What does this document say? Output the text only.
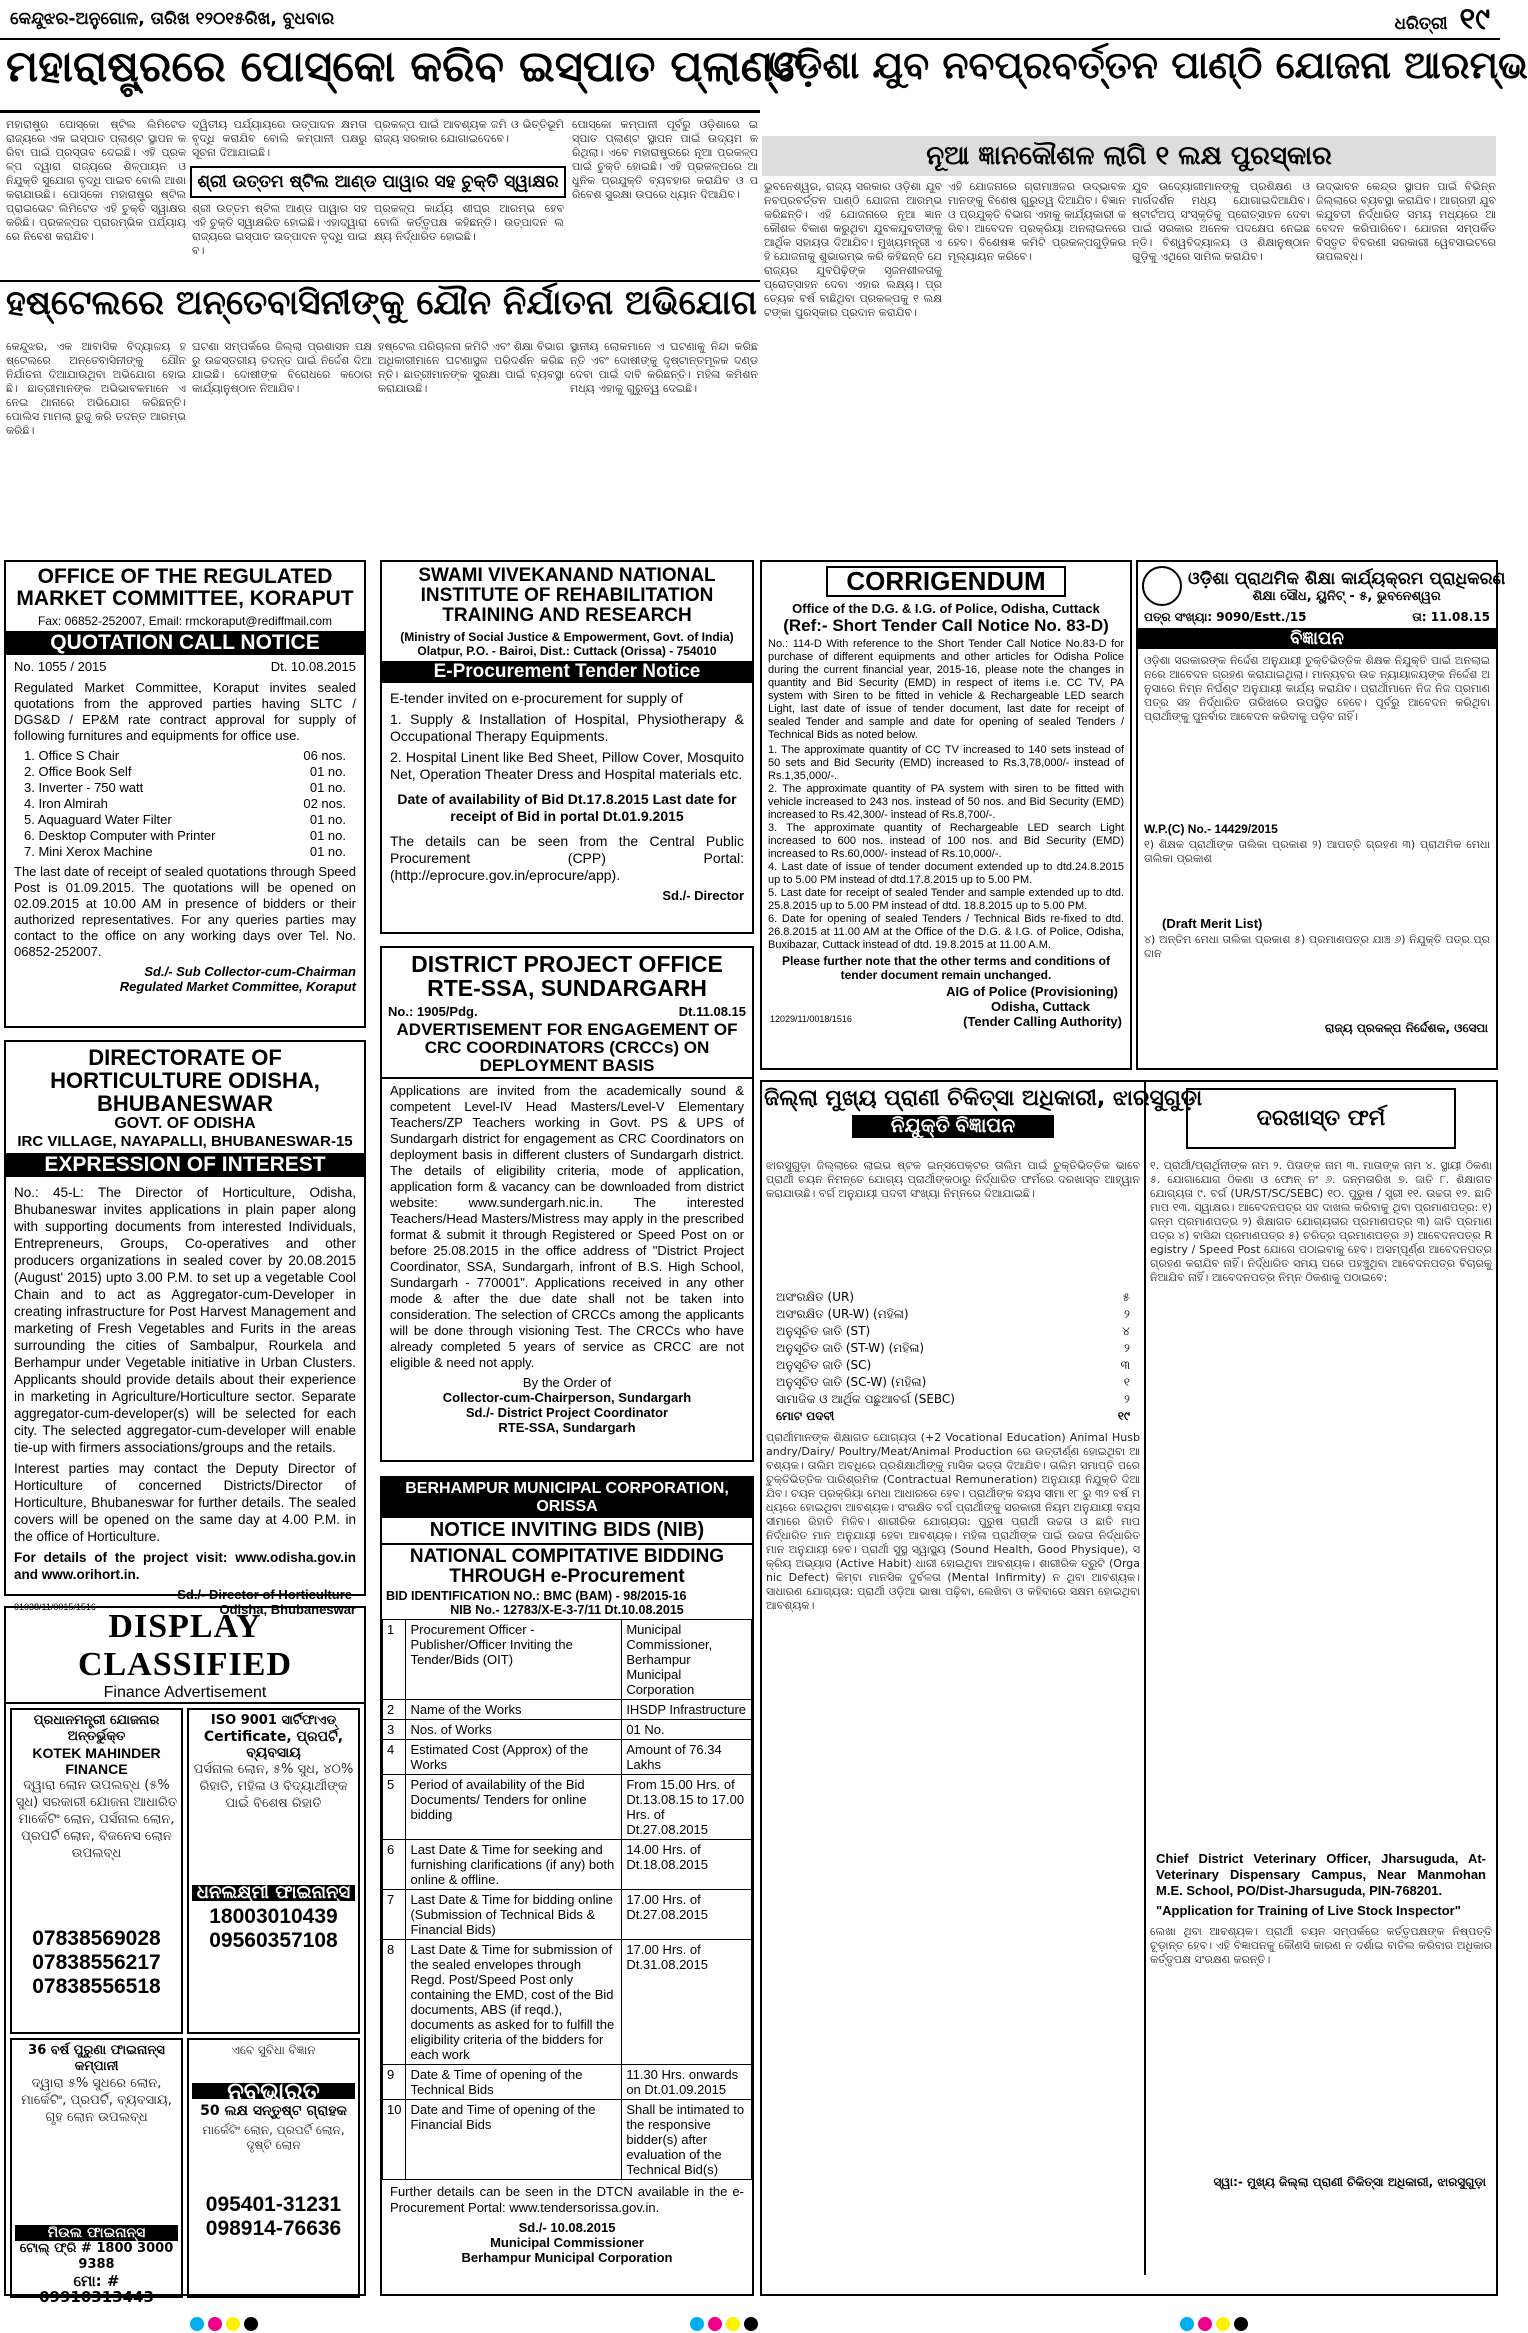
କେନ୍ଦୁଝର-ଅନୁଗୋଳ, ତାରିଖ ୧୨୦୧୫ରିଖ, ବୁଧବାର	ଧରିତ୍ରୀ ୧୯
ମହାରାଷ୍ଟ୍ରରେ ପୋସ୍କୋ କରିବ ଇସ୍ପାତ ପ୍ଲାଣ୍ଟ
ଓଡ଼ିଶା ଯୁବ ନବପ୍ରବର୍ତ୍ତନ ପାଣ୍ଠି ଯୋଜନା ଆରମ୍ଭ
ନୂଆ ଜ୍ଞାନକୌଶଳ ଲାଗି ୧ ଲକ୍ଷ ପୁରସ୍କାର
ମହାରାଷ୍ଟ୍ର ପୋସ୍କୋ ଷ୍ଟିଲ ଲିମିଟେଡ ରାଜ୍ୟରେ ଏକ ଇସ୍ପାତ ପ୍ଲାଣ୍ଟ ସ୍ଥାପନ କରିବା ପାଇଁ ପ୍ରସ୍ତାବ ଦେଇଛି। ଏହି ପ୍ରକଳ୍ପ ଦ୍ୱାରା ରାଜ୍ୟରେ ଶିଳ୍ପାୟନ ଓ ନିଯୁକ୍ତି ସୁଯୋଗ ବୃଦ୍ଧି ପାଇବ ବୋଲି ଆଶା କରାଯାଉଛି। ପୋସ୍କୋ ମହାରାଷ୍ଟ୍ର ଷ୍ଟିଲ ପ୍ରାଇଭେଟ ଲିମିଟେଡ ଏହି ଚୁକ୍ତି ସ୍ୱାକ୍ଷର କରିଛି। ପ୍ରକଳ୍ପର ପ୍ରାରମ୍ଭିକ ପର୍ଯ୍ୟାୟରେ ନିବେଶ କରାଯିବ।
ଦ୍ୱିତୀୟ ପର୍ଯ୍ୟାୟରେ ଉତ୍ପାଦନ କ୍ଷମତା ବୃଦ୍ଧି କରାଯିବ ବୋଲି କମ୍ପାନୀ ପକ୍ଷରୁ ସୂଚନା ଦିଆଯାଇଛି।
ଶ୍ରୀ ଉତ୍ତମ ଷ୍ଟିଲ ଆଣ୍ଡ ପାୱାର ସହ ଚୁକ୍ତି ସ୍ୱାକ୍ଷର
ଶ୍ରୀ ଉତ୍ତମ ଷ୍ଟିଲ ଆଣ୍ଡ ପାୱାର ସହ ଏହି ଚୁକ୍ତି ସ୍ୱାକ୍ଷରିତ ହୋଇଛି। ଏହାଦ୍ୱାରା ରାଜ୍ୟରେ ଇସ୍ପାତ ଉତ୍ପାଦନ ବୃଦ୍ଧି ପାଇବ।
ପ୍ରକଳ୍ପ ପାଇଁ ଆବଶ୍ୟକ ଜମି ଓ ଭିତ୍ତିଭୂମି ରାଜ୍ୟ ସରକାର ଯୋଗାଇଦେବେ।
ପ୍ରକଳ୍ପ କାର୍ଯ୍ୟ ଶୀଘ୍ର ଆରମ୍ଭ ହେବ ବୋଲି କର୍ତ୍ତୃପକ୍ଷ କହିଛନ୍ତି। ଉତ୍ପାଦନ ଲକ୍ଷ୍ୟ ନିର୍ଦ୍ଧାରିତ ହୋଇଛି।
ପୋସ୍କୋ କମ୍ପାନୀ ପୂର୍ବରୁ ଓଡ଼ିଶାରେ ଇସ୍ପାତ ପ୍ଲାଣ୍ଟ ସ୍ଥାପନ ପାଇଁ ଉଦ୍ୟମ କରିଥିଲା। ଏବେ ମହାରାଷ୍ଟ୍ରରେ ନୂଆ ପ୍ରକଳ୍ପ ପାଇଁ ଚୁକ୍ତି ହୋଇଛି। ଏହି ପ୍ରକଳ୍ପରେ ଆଧୁନିକ ପ୍ରଯୁକ୍ତି ବ୍ୟବହାର କରାଯିବ ଓ ପରିବେଶ ସୁରକ୍ଷା ଉପରେ ଧ୍ୟାନ ଦିଆଯିବ।
ହଷ୍ଟେଲରେ ଅନ୍ତେବାସିନୀଙ୍କୁ ଯୌନ ନିର୍ଯାତନା ଅଭିଯୋଗ
କେନ୍ଦୁଝର, ଏକ ଆବାସିକ ବିଦ୍ୟାଳୟ ହଷ୍ଟେଲରେ ଅନ୍ତେବାସିନୀଙ୍କୁ ଯୌନ ନିର୍ଯାତନା ଦିଆଯାଉଥିବା ଅଭିଯୋଗ ହୋଇଛି। ଛାତ୍ରୀମାନଙ୍କ ଅଭିଭାବକମାନେ ଏ ନେଇ ଥାନାରେ ଅଭିଯୋଗ କରିଛନ୍ତି। ପୋଲିସ ମାମଲା ରୁଜୁ କରି ତଦନ୍ତ ଆରମ୍ଭ କରିଛି।
ଘଟଣା ସମ୍ପର୍କରେ ଜିଲ୍ଲା ପ୍ରଶାସନ ପକ୍ଷରୁ ଉଚ୍ଚସ୍ତରୀୟ ତଦନ୍ତ ପାଇଁ ନିର୍ଦ୍ଦେଶ ଦିଆଯାଇଛି। ଦୋଷୀଙ୍କ ବିରୋଧରେ କଠୋର କାର୍ଯ୍ୟାନୁଷ୍ଠାନ ନିଆଯିବ।
ହଷ୍ଟେଲ ପରିଚାଳନା କମିଟି ଏବଂ ଶିକ୍ଷା ବିଭାଗ ଅଧିକାରୀମାନେ ଘଟଣାସ୍ଥଳ ପରିଦର୍ଶନ କରିଛନ୍ତି। ଛାତ୍ରୀମାନଙ୍କ ସୁରକ୍ଷା ପାଇଁ ବ୍ୟବସ୍ଥା କରାଯାଉଛି।
ସ୍ଥାନୀୟ ଲୋକମାନେ ଏ ଘଟଣାକୁ ନିନ୍ଦା କରିଛନ୍ତି ଏବଂ ଦୋଷୀଙ୍କୁ ଦୃଷ୍ଟାନ୍ତମୂଳକ ଦଣ୍ଡ ଦେବା ପାଇଁ ଦାବି କରିଛନ୍ତି। ମହିଳା କମିଶନ ମଧ୍ୟ ଏହାକୁ ଗୁରୁତ୍ୱ ଦେଇଛି।
ଭୁବନେଶ୍ୱର, ରାଜ୍ୟ ସରକାର ଓଡ଼ିଶା ଯୁବ ନବପ୍ରବର୍ତ୍ତନ ପାଣ୍ଠି ଯୋଜନା ଆରମ୍ଭ କରିଛନ୍ତି। ଏହି ଯୋଜନାରେ ନୂଆ ଜ୍ଞାନକୌଶଳ ବିକାଶ କରୁଥିବା ଯୁବକଯୁବତୀଙ୍କୁ ଆର୍ଥିକ ସହାୟତା ଦିଆଯିବ। ମୁଖ୍ୟମନ୍ତ୍ରୀ ଏହି ଯୋଜନାକୁ ଶୁଭାରମ୍ଭ କରି କହିଛନ୍ତି ଯେ ରାଜ୍ୟର ଯୁବପିଢ଼ିଙ୍କ ସୃଜନଶୀଳତାକୁ ପ୍ରୋତ୍ସାହନ ଦେବା ଏହାର ଲକ୍ଷ୍ୟ। ପ୍ରତ୍ୟେକ ବର୍ଷ ବାଛିଥିବା ପ୍ରକଳ୍ପକୁ ୧ ଲକ୍ଷ ଟଙ୍କା ପୁରସ୍କାର ପ୍ରଦାନ କରାଯିବ।
ଏହି ଯୋଜନାରେ ଗ୍ରାମାଞ୍ଚଳର ଉଦ୍ଭାବକମାନଙ୍କୁ ବିଶେଷ ଗୁରୁତ୍ୱ ଦିଆଯିବ। ବିଜ୍ଞାନ ଓ ପ୍ରଯୁକ୍ତି ବିଭାଗ ଏହାକୁ କାର୍ଯ୍ୟକାରୀ କରିବ। ଆବେଦନ ପ୍ରକ୍ରିୟା ଅନଲାଇନରେ ହେବ। ବିଶେଷଜ୍ଞ କମିଟି ପ୍ରକଳ୍ପଗୁଡ଼ିକର ମୂଲ୍ୟାୟନ କରିବେ।
ଯୁବ ଉଦ୍ୟୋଗୀମାନଙ୍କୁ ପ୍ରଶିକ୍ଷଣ ଓ ମାର୍ଗଦର୍ଶନ ମଧ୍ୟ ଯୋଗାଇଦିଆଯିବ। ଷ୍ଟାର୍ଟଅପ୍ ସଂସ୍କୃତିକୁ ପ୍ରୋତ୍ସାହନ ଦେବା ପାଇଁ ସରକାର ଅନେକ ପଦକ୍ଷେପ ନେଇଛନ୍ତି। ବିଶ୍ୱବିଦ୍ୟାଳୟ ଓ ଶିକ୍ଷାନୁଷ୍ଠାନଗୁଡ଼ିକୁ ଏଥିରେ ସାମିଲ କରାଯିବ।
ଉଦ୍ଭାବନ କେନ୍ଦ୍ର ସ୍ଥାପନ ପାଇଁ ବିଭିନ୍ନ ଜିଲ୍ଲାରେ ବ୍ୟବସ୍ଥା କରାଯିବ। ଆଗ୍ରହୀ ଯୁବକଯୁବତୀ ନିର୍ଦ୍ଧାରିତ ସମୟ ମଧ୍ୟରେ ଆବେଦନ କରିପାରିବେ। ଯୋଜନା ସମ୍ପର୍କିତ ବିସ୍ତୃତ ବିବରଣୀ ସରକାରୀ ୱେବସାଇଟରେ ଉପଲବ୍ଧ।
OFFICE OF THE REGULATED MARKET COMMITTEE, KORAPUT
Fax: 06852-252007, Email: rmckoraput@rediffmail.com
QUOTATION CALL NOTICE
No. 1055 / 2015	Dt. 10.08.2015
Regulated Market Committee, Koraput invites sealed quotations from the approved parties having SLTC / DGS&D / EP&M rate contract approval for supply of following furnitures and equipments for office use.
1. Office S Chair	06 nos.
2. Office Book Self	01 no.
3. Inverter - 750 watt	01 no.
4. Iron Almirah	02 nos.
5. Aquaguard Water Filter	01 no.
6. Desktop Computer with Printer	01 no.
7. Mini Xerox Machine	01 no.
The last date of receipt of sealed quotations through Speed Post is 01.09.2015. The quotations will be opened on 02.09.2015 at 10.00 AM in presence of bidders or their authorized representatives. For any queries parties may contact to the office on any working days over Tel. No. 06852-252007.
Sd./- Sub Collector-cum-Chairman
Regulated Market Committee, Koraput
SWAMI VIVEKANAND NATIONAL INSTITUTE OF REHABILITATION TRAINING AND RESEARCH
(Ministry of Social Justice & Empowerment, Govt. of India)
Olatpur, P.O. - Bairoi, Dist.: Cuttack (Orissa) - 754010
E-Procurement Tender Notice
E-tender invited on e-procurement for supply of
1. Supply & Installation of Hospital, Physiotherapy & Occupational Therapy Equipments.
2. Hospital Linent like Bed Sheet, Pillow Cover, Mosquito Net, Operation Theater Dress and Hospital materials etc.
Date of availability of Bid Dt.17.8.2015 Last date for receipt of Bid in portal Dt.01.9.2015
The details can be seen from the Central Public Procurement (CPP) Portal: (http://eprocure.gov.in/eprocure/app).
Sd./- Director
CORRIGENDUM
Office of the D.G. & I.G. of Police, Odisha, Cuttack
(Ref:- Short Tender Call Notice No. 83-D)
No.: 114-D With reference to the Short Tender Call Notice No.83-D for purchase of different equipments and other articles for Odisha Police during the current financial year, 2015-16, please note the changes in quantity and Bid Security (EMD) in respect of items i.e. CC TV, PA system with Siren to be fitted in vehicle & Rechargeable LED search Light, last date of issue of tender document, last date for receipt of sealed Tender and sample and date for opening of sealed Tenders / Technical Bids as noted below.
1. The approximate quantity of CC TV increased to 140 sets instead of 50 sets and Bid Security (EMD) increased to Rs.3,78,000/- instead of Rs.1,35,000/-.
2. The approximate quantity of PA system with siren to be fitted with vehicle increased to 243 nos. instead of 50 nos. and Bid Security (EMD) increased to Rs.42,300/- instead of Rs.8,700/-.
3. The approximate quantity of Rechargeable LED search Light increased to 600 nos. instead of 100 nos. and Bid Security (EMD) increased to Rs.60,000/- instead of Rs.10,000/-.
4. Last date of issue of tender document extended up to dtd.24.8.2015 up to 5.00 PM instead of dtd.17.8.2015 up to 5.00 PM.
5. Last date for receipt of sealed Tender and sample extended up to dtd. 25.8.2015 up to 5.00 PM instead of dtd. 18.8.2015 up to 5.00 PM.
6. Date for opening of sealed Tenders / Technical Bids re-fixed to dtd. 26.8.2015 at 11.00 AM at the Office of the D.G. & I.G. of Police, Odisha, Buxibazar, Cuttack instead of dtd. 19.8.2015 at 11.00 A.M.
Please further note that the other terms and conditions of tender document remain unchanged.
AIG of Police (Provisioning)
Odisha, Cuttack
12029/11/0018/1516	(Tender Calling Authority)
ଓଡ଼ିଶା ପ୍ରାଥମିକ ଶିକ୍ଷା କାର୍ଯ୍ୟକ୍ରମ ପ୍ରାଧିକରଣ
ଶିକ୍ଷା ସୌଧ, ୟୁନିଟ୍ - ୫, ଭୁବନେଶ୍ୱର
ପତ୍ର ସଂଖ୍ୟା: 9090/Estt./15	ତା: 11.08.15
ବିଜ୍ଞାପନ
ଓଡ଼ିଶା ସରକାରଙ୍କ ନିର୍ଦ୍ଦେଶ ଅନୁଯାୟୀ ଚୁକ୍ତିଭିତ୍ତିକ ଶିକ୍ଷକ ନିଯୁକ୍ତି ପାଇଁ ଅନଲାଇନରେ ଆବେଦନ ଗ୍ରହଣ କରାଯାଇଥିଲା। ମାନ୍ୟବର ଉଚ୍ଚ ନ୍ୟାୟାଳୟଙ୍କ ନିର୍ଦ୍ଦେଶ ଅନୁସାରେ ନିମ୍ନ ନିର୍ଘଣ୍ଟ ଅନୁଯାୟୀ କାର୍ଯ୍ୟ କରାଯିବ। ପ୍ରାର୍ଥୀମାନେ ନିଜ ନିଜ ପ୍ରମାଣପତ୍ର ସହ ନିର୍ଦ୍ଧାରିତ ତାରିଖରେ ଉପସ୍ଥିତ ହେବେ। ପୂର୍ବରୁ ଆବେଦନ କରିଥିବା ପ୍ରାର୍ଥୀଙ୍କୁ ପୁନର୍ବାର ଆବେଦନ କରିବାକୁ ପଡ଼ିବ ନାହିଁ।
W.P.(C) No.- 14429/2015
୧) ଶିକ୍ଷକ ପ୍ରାର୍ଥୀଙ୍କ ତାଲିକା ପ୍ରକାଶ ୨) ଆପତ୍ତି ଗ୍ରହଣ ୩) ପ୍ରାଥମିକ ମେଧା ତାଲିକା ପ୍ରକାଶ
(Draft Merit List)
୪) ଅନ୍ତିମ ମେଧା ତାଲିକା ପ୍ରକାଶ ୫) ପ୍ରମାଣପତ୍ର ଯାଞ୍ଚ ୬) ନିଯୁକ୍ତି ପତ୍ର ପ୍ରଦାନ
ରାଜ୍ୟ ପ୍ରକଳ୍ପ ନିର୍ଦ୍ଦେଶକ, ଓସେପା
DIRECTORATE OF HORTICULTURE ODISHA, BHUBANESWAR
GOVT. OF ODISHA
IRC VILLAGE, NAYAPALLI, BHUBANESWAR-15
EXPRESSION OF INTEREST
No.: 45-L: The Director of Horticulture, Odisha, Bhubaneswar invites applications in plain paper along with supporting documents from interested Individuals, Entrepreneurs, Groups, Co-operatives and other producers organizations in sealed cover by 20.08.2015 (August' 2015) upto 3.00 P.M. to set up a vegetable Cool Chain and to act as Aggregator-cum-Developer in creating infrastructure for Post Harvest Management and marketing of Fresh Vegetables and Furits in the areas surrounding the cities of Sambalpur, Rourkela and Berhampur under Vegetable initiative in Urban Clusters. Applicants should provide details about their experience in marketing in Agriculture/Horticulture sector. Separate aggregator-cum-developer(s) will be selected for each city. The selected aggregator-cum-developer will enable tie-up with firmers associations/groups and the retails.
Interest parties may contact the Deputy Director of Horticulture of concerned Districts/Director of Horticulture, Bhubaneswar for further details. The sealed covers will be opened on the same day at 4.00 P.M. in the office of Horticulture.
For details of the project visit: www.odisha.gov.in and www.orihort.in.
Sd./- Director of Horticulture
01038/11/0015/1516	Odisha, Bhubaneswar
DISTRICT PROJECT OFFICE RTE-SSA, SUNDARGARH
No.: 1905/Pdg.	Dt.11.08.15
ADVERTISEMENT FOR ENGAGEMENT OF CRC COORDINATORS (CRCCs) ON DEPLOYMENT BASIS
Applications are invited from the academically sound & competent Level-IV Head Masters/Level-V Elementary Teachers/ZP Teachers working in Govt. PS & UPS of Sundargarh district for engagement as CRC Coordinators on deployment basis in different clusters of Sundargarh district. The details of eligibility criteria, mode of application, application form & vacancy can be downloaded from district website: www.sundergarh.nic.in. The interested Teachers/Head Masters/Mistress may apply in the prescribed format & submit it through Registered or Speed Post on or before 25.08.2015 in the office address of "District Project Coordinator, SSA, Sundargarh, infront of B.S. High School, Sundargarh - 770001". Applications received in any other mode & after the due date shall not be taken into consideration. The selection of CRCCs among the applicants will be done through visioning Test. The CRCCs who have already completed 5 years of service as CRCC are not eligible & need not apply.
By the Order of
Collector-cum-Chairperson, Sundargarh
Sd./- District Project Coordinator
RTE-SSA, Sundargarh
BERHAMPUR MUNICIPAL CORPORATION, ORISSA
NOTICE INVITING BIDS (NIB)
NATIONAL COMPITATIVE BIDDING THROUGH e-Procurement
BID IDENTIFICATION NO.: BMC (BAM) - 98/2015-16
NIB No.- 12783/X-E-3-7/11 Dt.10.08.2015
1	Procurement Officer - Publisher/Officer Inviting the Tender/Bids (OIT)	Municipal Commissioner, Berhampur Municipal Corporation
2	Name of the Works	IHSDP Infrastructure
3	Nos. of Works	01 No.
4	Estimated Cost (Approx) of the Works	Amount of 76.34 Lakhs
5	Period of availability of the Bid Documents/ Tenders for online bidding	From 15.00 Hrs. of Dt.13.08.15 to 17.00 Hrs. of Dt.27.08.2015
6	Last Date & Time for seeking and furnishing clarifications (if any) both online & offline.	14.00 Hrs. of Dt.18.08.2015
7	Last Date & Time for bidding online (Submission of Technical Bids & Financial Bids)	17.00 Hrs. of Dt.27.08.2015
8	Last Date & Time for submission of the sealed envelopes through Regd. Post/Speed Post only containing the EMD, cost of the Bid documents, ABS (if reqd.), documents as asked for to fulfill the eligibility criteria of the bidders for each work	17.00 Hrs. of Dt.31.08.2015
9	Date & Time of opening of the Technical Bids	11.30 Hrs. onwards on Dt.01.09.2015
10	Date and Time of opening of the Financial Bids	Shall be intimated to the responsive bidder(s) after evaluation of the Technical Bid(s)
Further details can be seen in the DTCN available in the e-Procurement Portal: www.tendersorissa.gov.in.
Sd./- 10.08.2015
Municipal Commissioner
Berhampur Municipal Corporation
DISPLAY CLASSIFIED
Finance Advertisement
ପ୍ରଧାନମନ୍ତ୍ରୀ ଯୋଜନାର ଅନ୍ତର୍ଭୁକ୍ତ
KOTEK MAHINDER FINANCE
ଦ୍ୱାରା ଲୋନ ଉପଲବ୍ଧ (୫% ସୁଧ) ସରକାରୀ ଯୋଜନା ଆଧାରିତ ମାର୍କେଟିଂ ଲୋନ, ପର୍ସନାଲ ଲୋନ, ପ୍ରପର୍ଟି ଲୋନ, ବିଜନେସ ଲୋନ ଉପଲବ୍ଧ
07838569028
07838556217
07838556518
ISO 9001 ସାର୍ଟିଫାଏଡ୍
Certificate, ପ୍ରପର୍ଟି, ବ୍ୟବସାୟ
ପର୍ସନାଲ ଲୋନ, ୫% ସୁଧ, ୪୦% ରିହାତି, ମହିଳା ଓ ବିଦ୍ୟାର୍ଥୀଙ୍କ ପାଇଁ ବିଶେଷ ରିହାତି
ଧନଲକ୍ଷ୍ମୀ ଫାଇନାନ୍ସ
18003010439
09560357108
36 ବର୍ଷ ପୁରୁଣା ଫାଇନାନ୍ସ କମ୍ପାନୀ
ଦ୍ୱାରା ୫% ସୁଧରେ ଲୋନ, ମାର୍କେଟିଂ, ପ୍ରପର୍ଟି, ବ୍ୟବସାୟ, ଗୃହ ଲୋନ ଉପଲବ୍ଧ
ମିଉଲ ଫାଇନାନ୍ସ
ଟୋଲ୍ ଫ୍ରି # 1800 3000 9388
ମୋ: # 09910313443
ଏବେ ସୁବିଧା ବିଜ୍ଞାନ
ନବଭାରତ
50 ଲକ୍ଷ ସନ୍ତୁଷ୍ଟ ଗ୍ରାହକ
ମାର୍କେଟିଂ ଲୋନ, ପ୍ରପର୍ଟି ଲୋନ, ଦୃଷ୍ଟି ଲୋନ
095401-31231
098914-76636
ଜିଲ୍ଲା ମୁଖ୍ୟ ପ୍ରାଣୀ ଚିକିତ୍ସା ଅଧିକାରୀ, ଝାରସୁଗୁଡ଼ା
ନିଯୁକ୍ତି ବିଜ୍ଞାପନ	ଦରଖାସ୍ତ ଫର୍ମ
ଝାରସୁଗୁଡ଼ା ଜିଲ୍ଲାରେ ଲାଇଭ ଷ୍ଟକ ଇନ୍ସପେକ୍ଟର ତାଲିମ ପାଇଁ ଚୁକ୍ତିଭିତ୍ତିକ ଭାବେ ପ୍ରାର୍ଥୀ ଚୟନ ନିମନ୍ତେ ଯୋଗ୍ୟ ପ୍ରାର୍ଥୀଙ୍କଠାରୁ ନିର୍ଦ୍ଧାରିତ ଫର୍ମରେ ଦରଖାସ୍ତ ଆହ୍ୱାନ କରାଯାଉଛି। ବର୍ଗ ଅନୁଯାୟୀ ପଦବୀ ସଂଖ୍ୟା ନିମ୍ନରେ ଦିଆଯାଇଛି।
ଅସଂରକ୍ଷିତ (UR)	୫
ଅସଂରକ୍ଷିତ (UR-W) (ମହିଳା)	୨
ଅନୁସୂଚିତ ଜାତି (ST)	୪
ଅନୁସୂଚିତ ଜାତି (ST-W) (ମହିଳା)	୨
ଅନୁସୂଚିତ ଜାତି (SC)	୩
ଅନୁସୂଚିତ ଜାତି (SC-W) (ମହିଳା)	୧
ସାମାଜିକ ଓ ଆର୍ଥିକ ପଛୁଆବର୍ଗ (SEBC)	୨
ମୋଟ ପଦବୀ	୧୯
ପ୍ରାର୍ଥୀମାନଙ୍କ ଶିକ୍ଷାଗତ ଯୋଗ୍ୟତା (+2 Vocational Education) Animal Husbandry/Dairy/ Poultry/Meat/Animal Production ରେ ଉତ୍ତୀର୍ଣ୍ଣ ହୋଇଥିବା ଆବଶ୍ୟକ। ତାଲିମ ଅବଧିରେ ପ୍ରଶିକ୍ଷାର୍ଥୀଙ୍କୁ ମାସିକ ଭତ୍ତା ଦିଆଯିବ। ତାଲିମ ସମାପ୍ତି ପରେ ଚୁକ୍ତିଭିତ୍ତିକ ପାରିଶ୍ରମିକ (Contractual Remuneration) ଅନୁଯାୟୀ ନିଯୁକ୍ତି ଦିଆଯିବ। ଚୟନ ପ୍ରକ୍ରିୟା ମେଧା ଆଧାରରେ ହେବ। ପ୍ରାର୍ଥୀଙ୍କ ବୟସ ସୀମା ୧୮ ରୁ ୩୨ ବର୍ଷ ମଧ୍ୟରେ ହୋଇଥିବା ଆବଶ୍ୟକ। ସଂରକ୍ଷିତ ବର୍ଗ ପ୍ରାର୍ଥୀଙ୍କୁ ସରକାରୀ ନିୟମ ଅନୁଯାୟୀ ବୟସ ସୀମାରେ ରିହାତି ମିଳିବ। ଶାରୀରିକ ଯୋଗ୍ୟତା: ପୁରୁଷ ପ୍ରାର୍ଥୀ ଉଚ୍ଚତା ଓ ଛାତି ମାପ ନିର୍ଦ୍ଧାରିତ ମାନ ଅନୁଯାୟୀ ହେବା ଆବଶ୍ୟକ। ମହିଳା ପ୍ରାର୍ଥୀଙ୍କ ପାଇଁ ଉଚ୍ଚତା ନିର୍ଦ୍ଧାରିତ ମାନ ଅନୁଯାୟୀ ହେବ। ପ୍ରାର୍ଥୀ ସୁସ୍ଥ ସ୍ୱାସ୍ଥ୍ୟ (Sound Health, Good Physique), ସକ୍ରିୟ ଅଭ୍ୟାସ (Active Habit) ଧାରୀ ହୋଇଥିବା ଆବଶ୍ୟକ। ଶାରୀରିକ ତ୍ରୁଟି (Organic Defect) କିମ୍ବା ମାନସିକ ଦୁର୍ବଳତା (Mental Infirmity) ନ ଥିବା ଆବଶ୍ୟକ। ସାଧାରଣ ଯୋଗ୍ୟତା: ପ୍ରାର୍ଥୀ ଓଡ଼ିଆ ଭାଷା ପଢ଼ିବା, ଲେଖିବା ଓ କହିବାରେ ସକ୍ଷମ ହୋଇଥିବା ଆବଶ୍ୟକ।
୧. ପ୍ରାର୍ଥୀ/ପ୍ରାର୍ଥିନୀଙ୍କ ନାମ ୨. ପିତାଙ୍କ ନାମ ୩. ମାତାଙ୍କ ନାମ ୪. ସ୍ଥାୟୀ ଠିକଣା ୫. ଯୋଗାଯୋଗ ଠିକଣା ଓ ଫୋନ୍ ନଂ ୬. ଜନ୍ମତାରିଖ ୭. ଜାତି ୮. ଶିକ୍ଷାଗତ ଯୋଗ୍ୟତା ୯. ବର୍ଗ (UR/ST/SC/SEBC) ୧୦. ପୁରୁଷ / ସ୍ତ୍ରୀ ୧୧. ଉଚ୍ଚତା ୧୨. ଛାତି ମାପ ୧୩. ସ୍ୱାକ୍ଷର। ଆବେଦନପତ୍ର ସହ ଦାଖଲ କରିବାକୁ ଥିବା ପ୍ରମାଣପତ୍ର: ୧) ଜନ୍ମ ପ୍ରମାଣପତ୍ର ୨) ଶିକ୍ଷାଗତ ଯୋଗ୍ୟତାର ପ୍ରମାଣପତ୍ର ୩) ଜାତି ପ୍ରମାଣପତ୍ର ୪) ବାସିନ୍ଦା ପ୍ରମାଣପତ୍ର ୫) ଚରିତ୍ର ପ୍ରମାଣପତ୍ର ୬) ଆବେଦନପତ୍ର Registry / Speed Post ଯୋଗେ ପଠାଇବାକୁ ହେବ। ଅସମ୍ପୂର୍ଣ୍ଣ ଆବେଦନପତ୍ର ଗ୍ରହଣ କରାଯିବ ନାହିଁ। ନିର୍ଦ୍ଧାରିତ ସମୟ ପରେ ପହଞ୍ଚୁଥିବା ଆବେଦନପତ୍ର ବିଚାରକୁ ନିଆଯିବ ନାହିଁ। ଆବେଦନପତ୍ର ନିମ୍ନ ଠିକଣାକୁ ପଠାଇବେ:
Chief District Veterinary Officer, Jharsuguda, At-Veterinary Dispensary Campus, Near Manmohan M.E. School, PO/Dist-Jharsuguda, PIN-768201.
"Application for Training of Live Stock Inspector"
ଲେଖା ଥିବା ଆବଶ୍ୟକ। ପ୍ରାର୍ଥୀ ଚୟନ ସମ୍ପର୍କରେ କର୍ତ୍ତୃପକ୍ଷଙ୍କ ନିଷ୍ପତ୍ତି ଚୂଡ଼ାନ୍ତ ହେବ। ଏହି ବିଜ୍ଞାପନକୁ କୌଣସି କାରଣ ନ ଦର୍ଶାଇ ବାତିଲ କରିବାର ଅଧିକାର କର୍ତ୍ତୃପକ୍ଷ ସଂରକ୍ଷଣ କରନ୍ତି।
ସ୍ୱା:- ମୁଖ୍ୟ ଜିଲ୍ଲା ପ୍ରାଣୀ ଚିକିତ୍ସା ଅଧିକାରୀ, ଝାରସୁଗୁଡ଼ା
